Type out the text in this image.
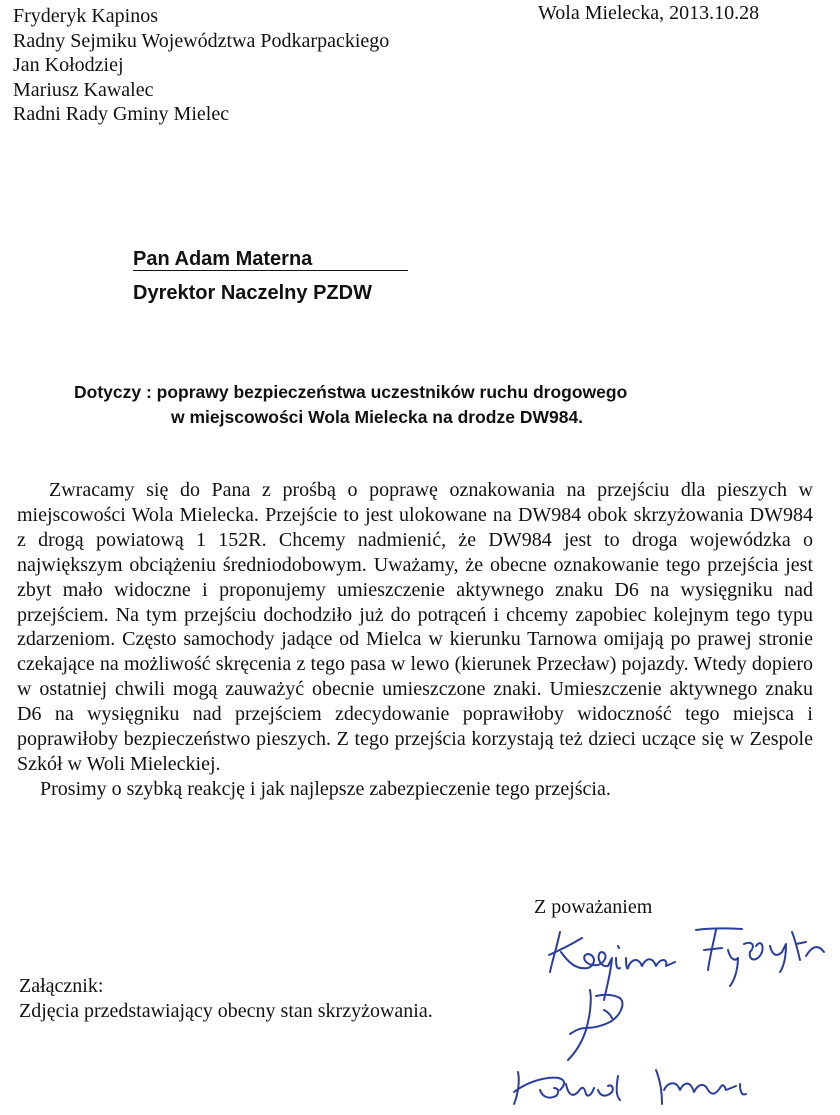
Fryderyk Kapinos
Radny Sejmiku Województwa Podkarpackiego
Jan Kołodziej
Mariusz Kawalec
Radni Rady Gminy Mielec
Wola Mielecka, 2013.10.28
Pan Adam Materna
Dyrektor Naczelny PZDW
Dotyczy : poprawy bezpieczeństwa uczestników ruchu drogowego
w miejscowości Wola Mielecka na drodze DW984.

Zwracamy się do Pana z prośbą o poprawę oznakowania na przejściu dla pieszych w miejscowości Wola Mielecka. Przejście to jest ulokowane na DW984 obok skrzyżowania DW984 z drogą powiatową 1 152R. Chcemy nadmienić, że DW984 jest to droga wojewódzka o największym obciążeniu średniodobowym. Uważamy, że obecne oznakowanie tego przejścia jest zbyt mało widoczne i proponujemy umieszczenie aktywnego znaku D6 na wysięgniku nad przejściem. Na tym przejściu dochodziło już do potrąceń i chcemy zapobiec kolejnym tego typu zdarzeniom. Często samochody jadące od Mielca w kierunku Tarnowa omijają po prawej stronie czekające na możliwość skręcenia z tego pasa w lewo (kierunek Przecław) pojazdy. Wtedy dopiero w ostatniej chwili mogą zauważyć obecnie umieszczone znaki. Umieszczenie aktywnego znaku D6 na wysięgniku nad przejściem zdecydowanie poprawiłoby widoczność tego miejsca i poprawiłoby bezpieczeństwo pieszych. Z tego przejścia korzystają też dzieci uczące się w Zespole Szkół w Woli Mieleckiej.

Prosimy o szybką reakcję i jak najlepsze zabezpieczenie tego przejścia.

Z poważaniem
Załącznik:
Zdjęcia przedstawiający obecny stan skrzyżowania.
